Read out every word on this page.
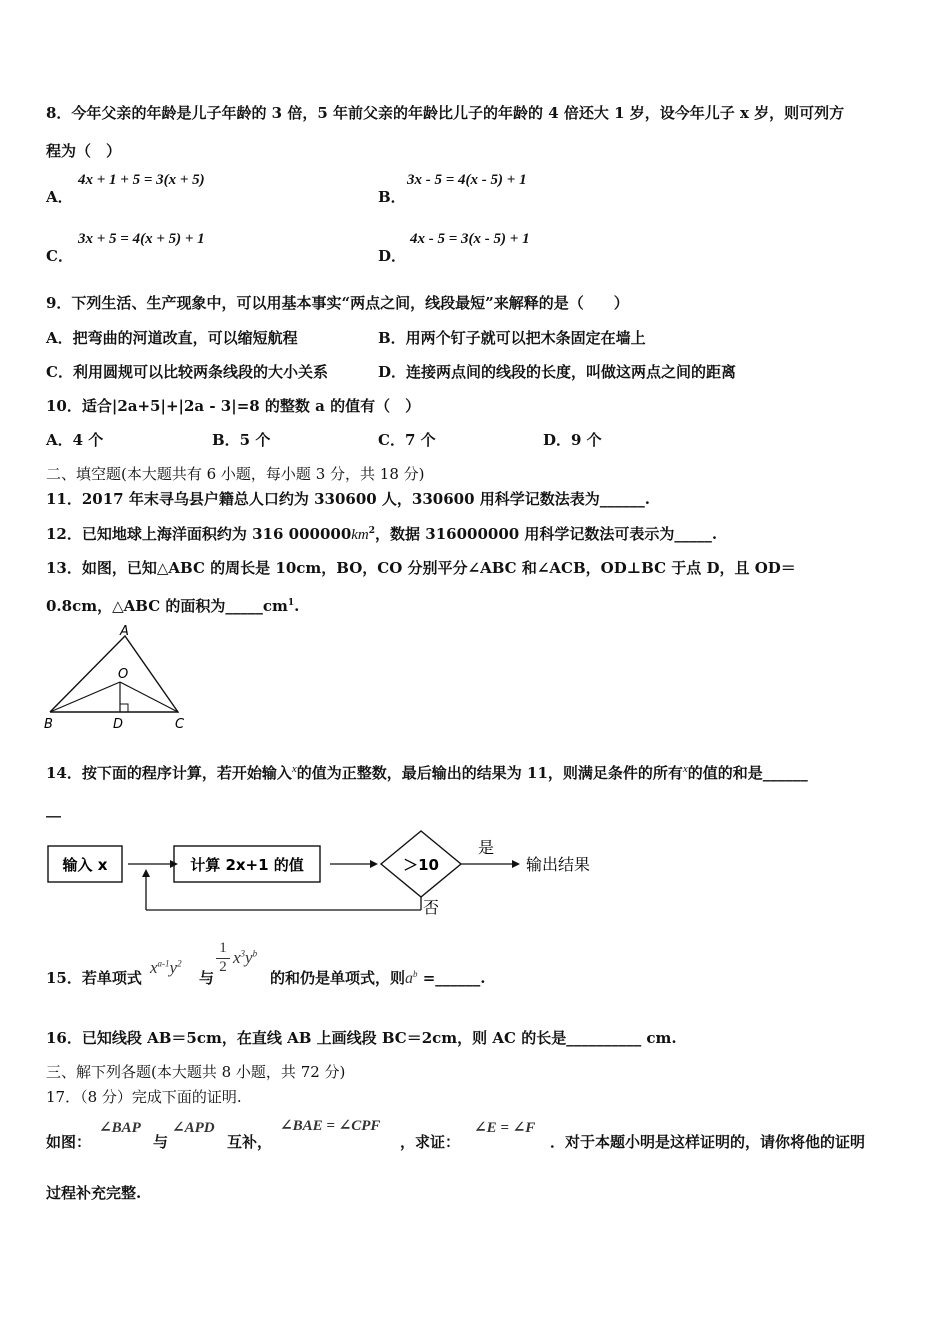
8．今年父亲的年龄是儿子年龄的 3 倍，5 年前父亲的年龄比儿子的年龄的 4 倍还大 1 岁，设今年儿子 x 岁，则可列方
程为（　）
A．
4x + 1 + 5 = 3(x + 5)
B．
3x - 5 = 4(x - 5) + 1
C．
3x + 5 = 4(x + 5) + 1
D．
4x - 5 = 3(x - 5) + 1
9．下列生活、生产现象中，可以用基本事实“两点之间，线段最短”来解释的是（　　）
A．把弯曲的河道改直，可以缩短航程	B．用两个钉子就可以把木条固定在墙上
C．利用圆规可以比较两条线段的大小关系	D．连接两点间的线段的长度，叫做这两点之间的距离
10．适合|2a+5|+|2a - 3|=8 的整数 a 的值有（　）
A．4 个	B．5 个	C．7 个	D．9 个
二、填空题(本大题共有 6 小题，每小题 3 分，共 18 分)
11．2017 年末寻乌县户籍总人口约为 330600 人，330600 用科学记数法表为______.
12．已知地球上海洋面积约为 316 $000000km^2$，数据 316000000 用科学记数法可表示为_____.
13．如图，已知△ABC 的周长是 10cm，BO，CO 分别平分∠ABC 和∠ACB，OD⊥BC 于点 D，且 OD＝
0.8cm，△ABC 的面积为$\_\_\_\_\_cm^1$.
A
O
B	D	C
14．按下面的程序计算，若开始输入$^x$的值为正整数，最后输出的结果为 11，则满足条件的所有$^x$的值的和是______
__
输入 x	计算 2x+1 的值	＞10
是
输出结果
否
15．若单项式
$x^{a-1}y^2$
与
$\frac{1}{2} x^3y^b$
的和仍是单项式，则$a^b$ =______.
16．已知线段 AB＝5cm，在直线 AB 上画线段 BC＝2cm，则 AC 的长是__________ cm.
三、解下列各题(本大题共 8 小题，共 72 分)
17．（8 分）完成下面的证明.
如图：
∠BAP
与
∠APD
互补，
∠BAE = ∠CPF
，求证：
∠E = ∠F
．对于本题小明是这样证明的，请你将他的证明
过程补充完整.
